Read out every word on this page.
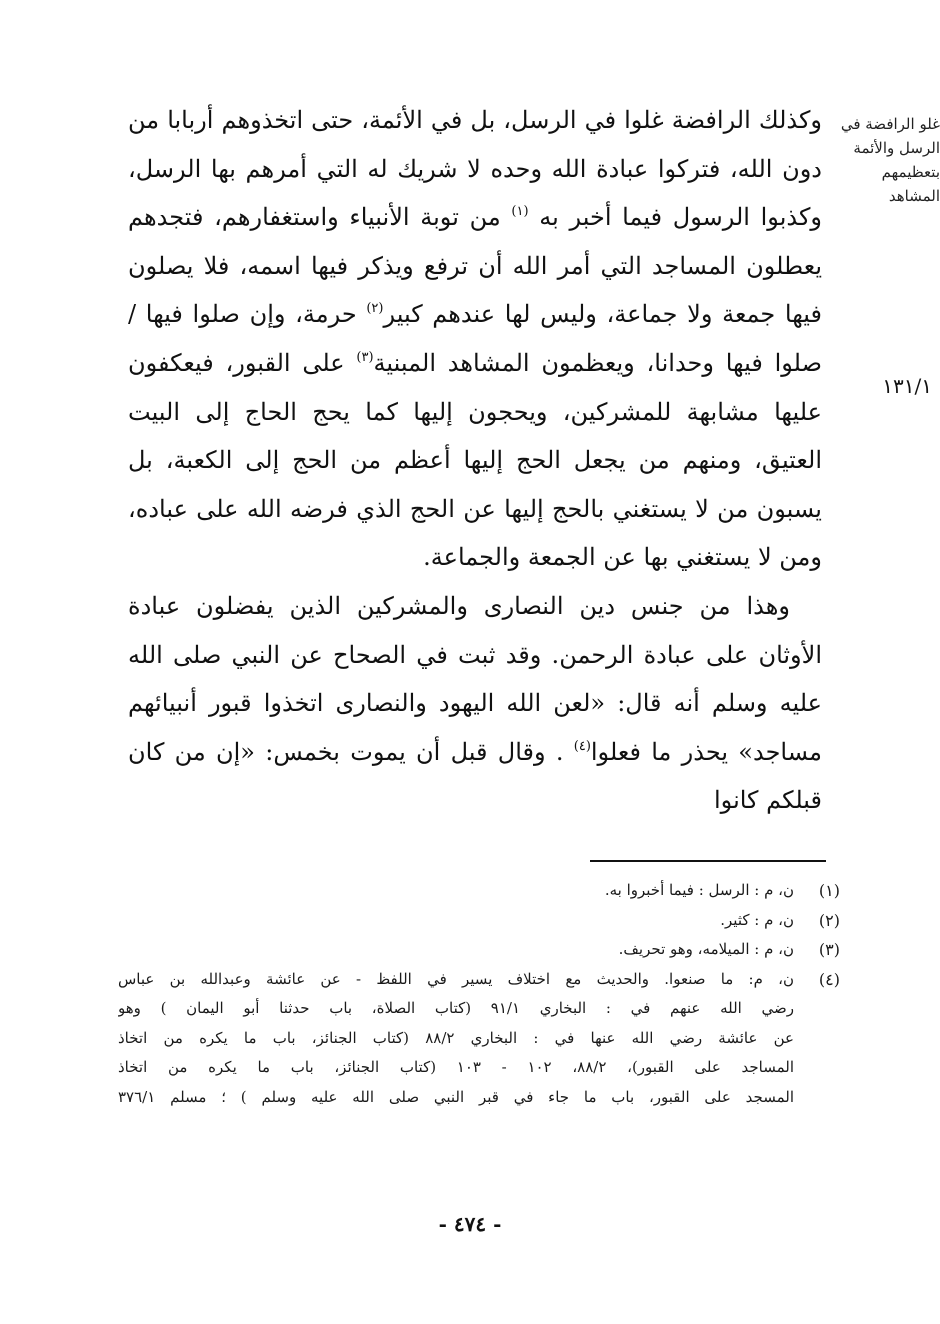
غلو الرافضة في
الرسل والأئمة
بتعظيمهم
المشاهد
١٣١/١

وكذلك الرافضة غلوا في الرسل، بل في الأئمة، حتى اتخذوهم أربابا من دون الله، فتركوا عبادة الله وحده لا شريك له التي أمرهم بها الرسل، وكذبوا الرسول فيما أخبر به $^{(١)}$ من توبة الأنبياء واستغفارهم، فتجدهم يعطلون المساجد التي أمر الله أن ترفع ويذكر فيها اسمه، فلا يصلون فيها جمعة ولا جماعة، وليس لها عندهم كبير$^{(٢)}$ حرمة، وإن صلوا فيها / صلوا فيها وحدانا، ويعظمون المشاهد المبنية$^{(٣)}$ على القبور، فيعكفون عليها مشابهة للمشركين، ويحجون إليها كما يحج الحاج إلى البيت العتيق، ومنهم من يجعل الحج إليها أعظم من الحج إلى الكعبة، بل يسبون من لا يستغني بالحج إليها عن الحج الذي فرضه الله على عباده، ومن لا يستغني بها عن الجمعة والجماعة.

وهذا من جنس دين النصارى والمشركين الذين يفضلون عبادة الأوثان على عبادة الرحمن. وقد ثبت في الصحاح عن النبي صلى الله عليه وسلم أنه قال: «لعن الله اليهود والنصارى اتخذوا قبور أنبيائهم مساجد» يحذر ما فعلوا$^{(٤)}$ . وقال قبل أن يموت بخمس: «إن من كان قبلكم كانوا

(١)
ن، م : الرسل : فيما أخبروا به.
(٢)
ن، م : كثير.
(٣)
ن، م : الميلامه، وهو تحريف.
(٤)
ن، م: ما صنعوا. والحديث مع اختلاف يسير في اللفظ - عن عائشة وعبدالله بن عباس
رضي الله عنهم في : البخاري ٩١/١ (كتاب الصلاة، باب حدثنا أبو اليمان ) وهو
عن عائشة رضي الله عنها في : البخاري ٨٨/٢ (كتاب الجنائز، باب ما يكره من اتخاذ
المساجد على القبور)، ٨٨/٢، ١٠٢ - ١٠٣ (كتاب الجنائز، باب ما يكره من اتخاذ
المسجد على القبور، باب ما جاء في قبر النبي صلى الله عليه وسلم ) ؛ مسلم ٣٧٦/١
- ٤٧٤ -
